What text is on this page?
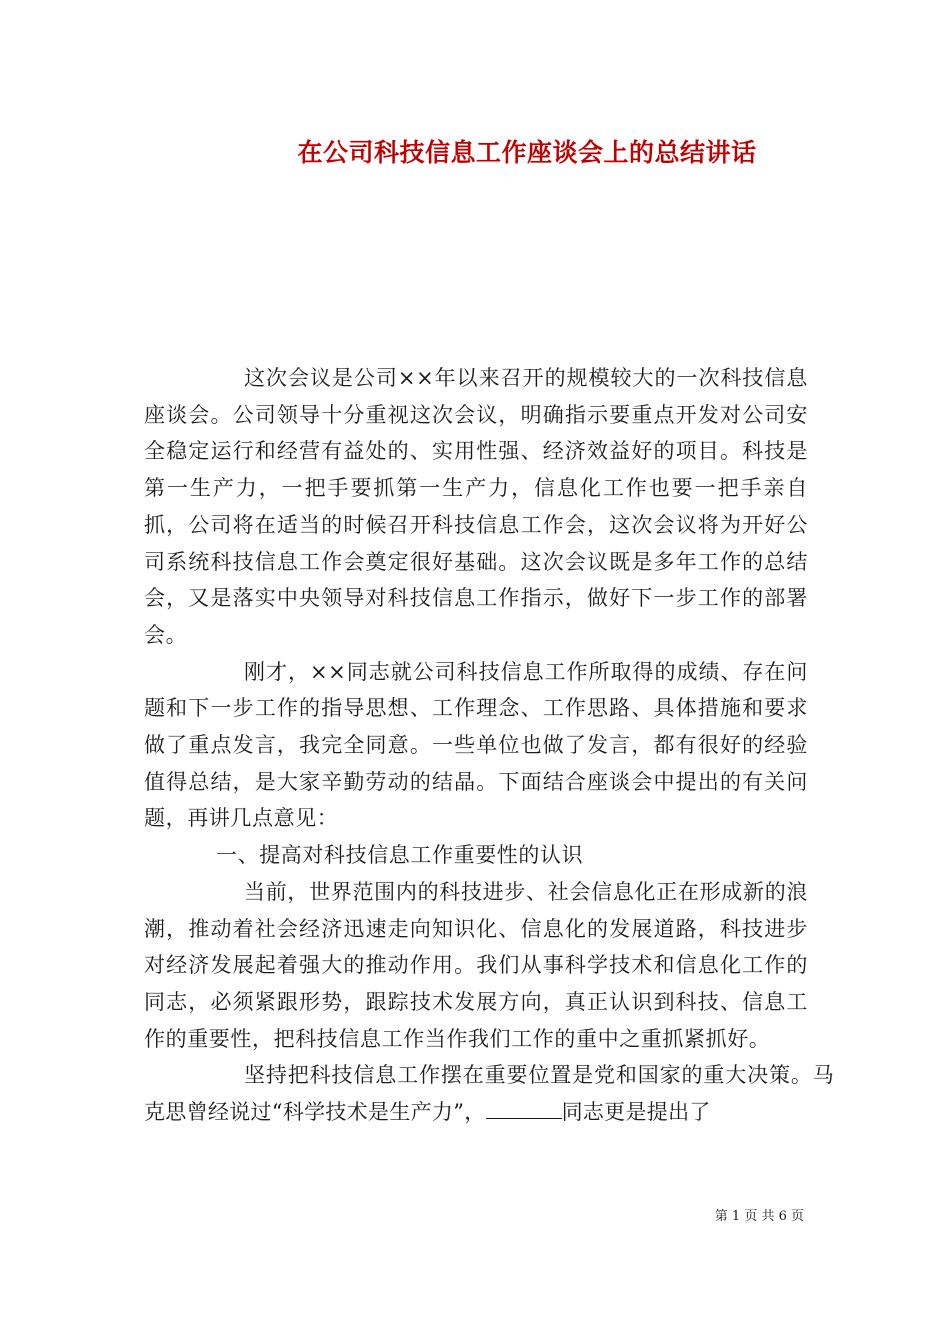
在公司科技信息工作座谈会上的总结讲话

这次会议是公司××年以来召开的规模较大的一次科技信息座谈会。公司领导十分重视这次会议，明确指示要重点开发对公司安全稳定运行和经营有益处的、实用性强、经济效益好的项目。科技是第一生产力，一把手要抓第一生产力，信息化工作也要一把手亲自抓，公司将在适当的时候召开科技信息工作会，这次会议将为开好公司系统科技信息工作会奠定很好基础。这次会议既是多年工作的总结会，又是落实中央领导对科技信息工作指示，做好下一步工作的部署会。

刚才，××同志就公司科技信息工作所取得的成绩、存在问题和下一步工作的指导思想、工作理念、工作思路、具体措施和要求做了重点发言，我完全同意。一些单位也做了发言，都有很好的经验值得总结，是大家辛勤劳动的结晶。下面结合座谈会中提出的有关问题，再讲几点意见：

一、提高对科技信息工作重要性的认识

当前，世界范围内的科技进步、社会信息化正在形成新的浪潮，推动着社会经济迅速走向知识化、信息化的发展道路，科技进步对经济发展起着强大的推动作用。我们从事科学技术和信息化工作的同志，必须紧跟形势，跟踪技术发展方向，真正认识到科技、信息工作的重要性，把科技信息工作当作我们工作的重中之重抓紧抓好。

坚持把科技信息工作摆在重要位置是党和国家的重大决策。马克思曾经说过“科学技术是生产力”，	同志更是提出了

第 1 页 共 6 页
